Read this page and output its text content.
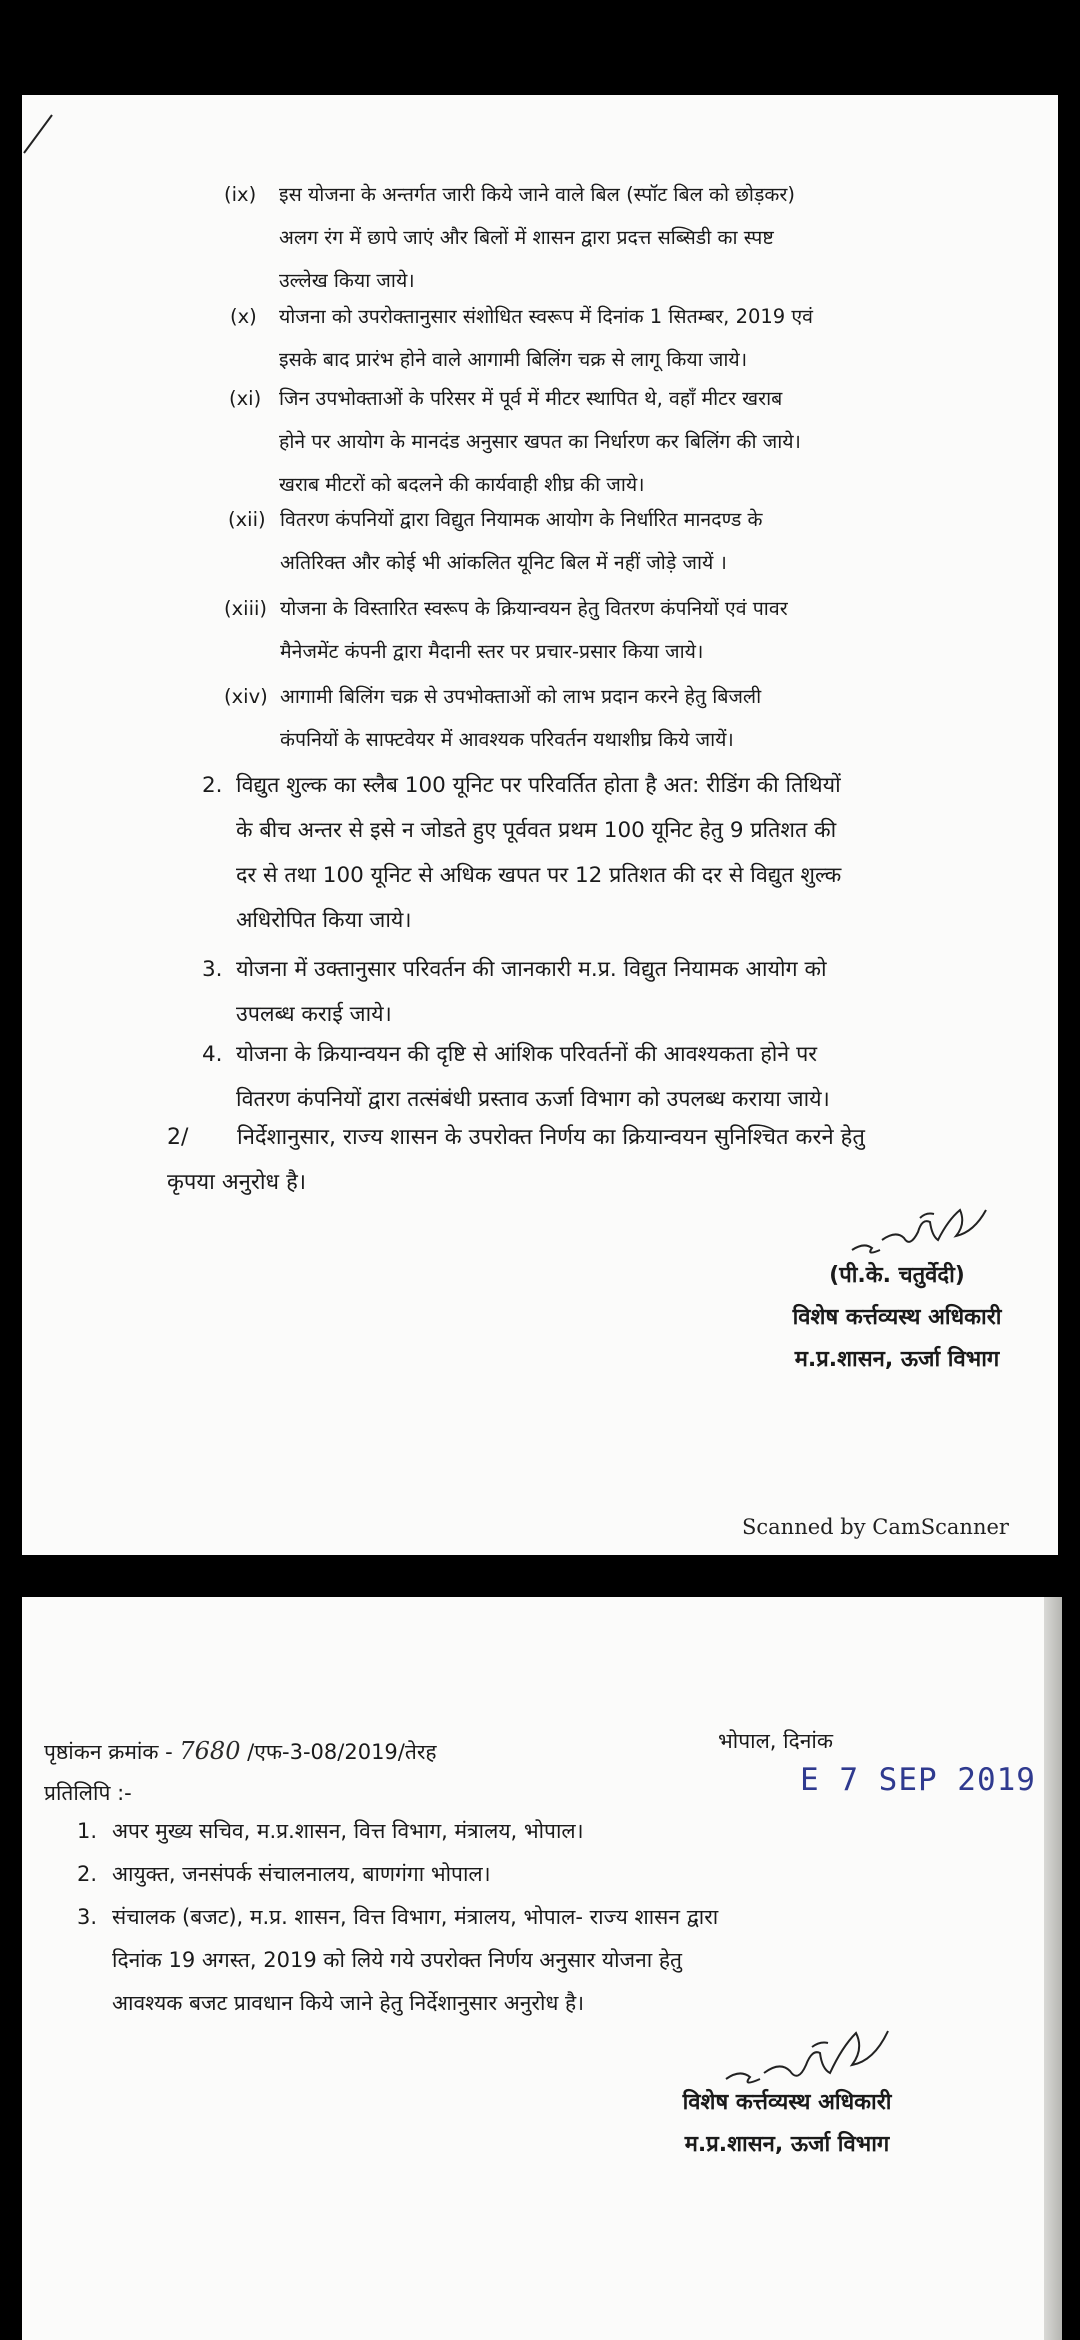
(ix)	इस योजना के अन्तर्गत जारी किये जाने वाले बिल (स्पॉट बिल को छोड़कर)
अलग रंग में छापे जाएं और बिलों में शासन द्वारा प्रदत्त सब्सिडी का स्पष्ट
उल्लेख किया जाये।
(x)	योजना को उपरोक्तानुसार संशोधित स्वरूप में दिनांक 1 सितम्बर, 2019 एवं
इसके बाद प्रारंभ होने वाले आगामी बिलिंग चक्र से लागू किया जाये।
(xi) जिन उपभोक्ताओं के परिसर में पूर्व में मीटर स्थापित थे, वहाँ मीटर खराब
होने पर आयोग के मानदंड अनुसार खपत का निर्धारण कर बिलिंग की जाये।
खराब मीटरों को बदलने की कार्यवाही शीघ्र की जाये।
(xii) वितरण कंपनियों द्वारा विद्युत नियामक आयोग के निर्धारित मानदण्ड के
अतिरिक्त और कोई भी आंकलित यूनिट बिल में नहीं जोड़े जायें ।
(xiii) योजना के विस्तारित स्वरूप के क्रियान्वयन हेतु वितरण कंपनियों एवं पावर
मैनेजमेंट कंपनी द्वारा मैदानी स्तर पर प्रचार-प्रसार किया जाये।
(xiv) आगामी बिलिंग चक्र से उपभोक्ताओं को लाभ प्रदान करने हेतु बिजली
कंपनियों के साफ्टवेयर में आवश्यक परिवर्तन यथाशीघ्र किये जायें।
2. विद्युत शुल्क का स्लैब 100 यूनिट पर परिवर्तित होता है अत: रीडिंग की तिथियों
के बीच अन्तर से इसे न जोडते हुए पूर्ववत प्रथम 100 यूनिट हेतु 9 प्रतिशत की
दर से तथा 100 यूनिट से अधिक खपत पर 12 प्रतिशत की दर से विद्युत शुल्क
अधिरोपित किया जाये।
3. योजना में उक्तानुसार परिवर्तन की जानकारी म.प्र. विद्युत नियामक आयोग को
उपलब्ध कराई जाये।
4. योजना के क्रियान्वयन की दृष्टि से आंशिक परिवर्तनों की आवश्यकता होने पर
वितरण कंपनियों द्वारा तत्संबंधी प्रस्ताव ऊर्जा विभाग को उपलब्ध कराया जाये।
2/ निर्देशानुसार, राज्य शासन के उपरोक्त निर्णय का क्रियान्वयन सुनिश्चित करने हेतु
कृपया अनुरोध है।
(पी.के. चतुर्वेदी)
विशेष कर्त्तव्यस्थ अधिकारी
म.प्र.शासन, ऊर्जा विभाग
Scanned by CamScanner
पृष्ठांकन क्रमांक - 7680 /एफ-3-08/2019/तेरह	भोपाल, दिनांक
E 7 SEP 2019
प्रतिलिपि :-
1. अपर मुख्य सचिव, म.प्र.शासन, वित्त विभाग, मंत्रालय, भोपाल।
2. आयुक्त, जनसंपर्क संचालनालय, बाणगंगा भोपाल।
3. संचालक (बजट), म.प्र. शासन, वित्त विभाग, मंत्रालय, भोपाल- राज्य शासन द्वारा
दिनांक 19 अगस्त, 2019 को लिये गये उपरोक्त निर्णय अनुसार योजना हेतु
आवश्यक बजट प्रावधान किये जाने हेतु निर्देशानुसार अनुरोध है।
विशेष कर्त्तव्यस्थ अधिकारी
म.प्र.शासन, ऊर्जा विभाग
